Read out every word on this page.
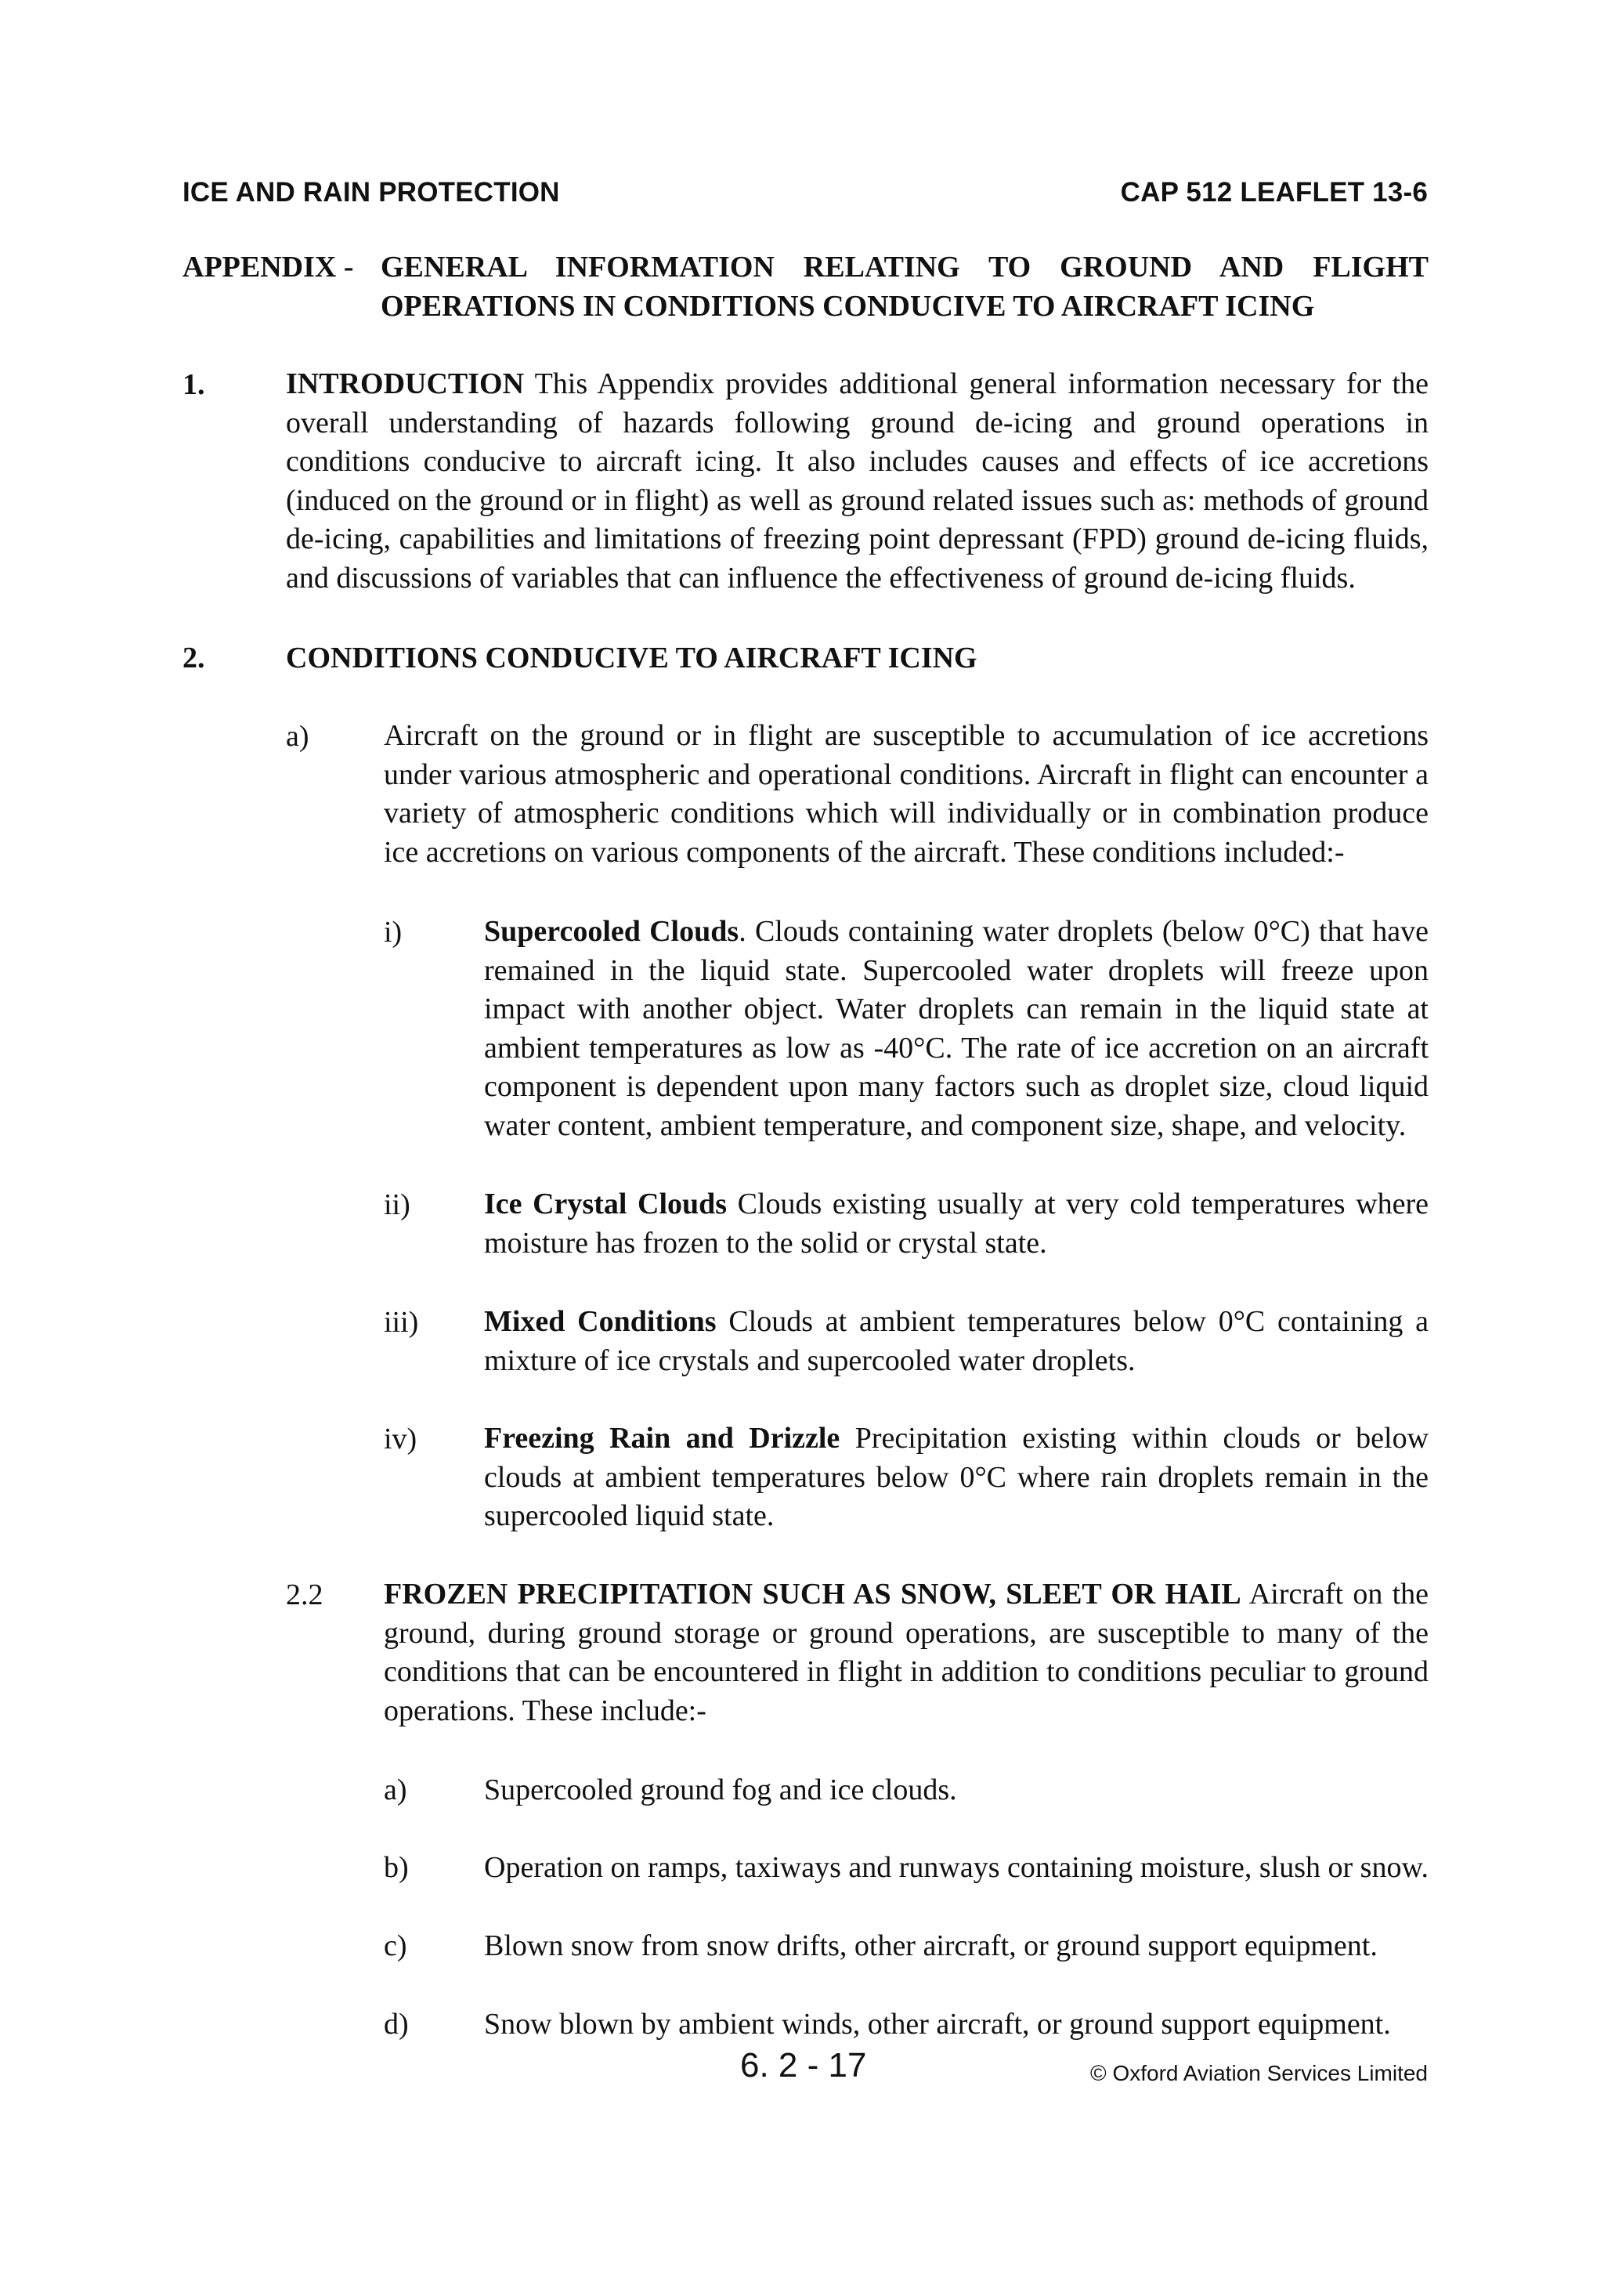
ICE AND RAIN PROTECTION	CAP 512 LEAFLET 13-6
APPENDIX - GENERAL INFORMATION RELATING TO GROUND AND FLIGHT
OPERATIONS IN CONDITIONS CONDUCIVE TO AIRCRAFT ICING
1.	INTRODUCTION This Appendix provides additional general information necessary for the overall understanding of hazards following ground de-icing and ground operations in conditions conducive to aircraft icing. It also includes causes and effects of ice accretions (induced on the ground or in flight) as well as ground related issues such as: methods of ground de-icing, capabilities and limitations of freezing point depressant (FPD) ground de-icing fluids, and discussions of variables that can influence the effectiveness of ground de-icing fluids.

2.	CONDITIONS CONDUCIVE TO AIRCRAFT ICING
a)	Aircraft on the ground or in flight are susceptible to accumulation of ice accretions under various atmospheric and operational conditions. Aircraft in flight can encounter a variety of atmospheric conditions which will individually or in combination produce ice accretions on various components of the aircraft. These conditions included:-

i)	Supercooled Clouds. Clouds containing water droplets (below 0°C) that have remained in the liquid state. Supercooled water droplets will freeze upon impact with another object. Water droplets can remain in the liquid state at ambient temperatures as low as -40°C. The rate of ice accretion on an aircraft component is dependent upon many factors such as droplet size, cloud liquid water content, ambient temperature, and component size, shape, and velocity.

ii) Ice Crystal Clouds Clouds existing usually at very cold temperatures where moisture has frozen to the solid or crystal state.

iii) Mixed Conditions Clouds at ambient temperatures below 0°C containing a mixture of ice crystals and supercooled water droplets.

iv) Freezing Rain and Drizzle Precipitation existing within clouds or below clouds at ambient temperatures below 0°C where rain droplets remain in the supercooled liquid state.

2.2 FROZEN PRECIPITATION SUCH AS SNOW, SLEET OR HAIL Aircraft on the ground, during ground storage or ground operations, are susceptible to many of the conditions that can be encountered in flight in addition to conditions peculiar to ground operations. These include:-

a)	Supercooled ground fog and ice clouds.
b)	Operation on ramps, taxiways and runways containing moisture, slush or snow.
c)	Blown snow from snow drifts, other aircraft, or ground support equipment.
d)	Snow blown by ambient winds, other aircraft, or ground support equipment.
6. 2 - 17	© Oxford Aviation Services Limited
